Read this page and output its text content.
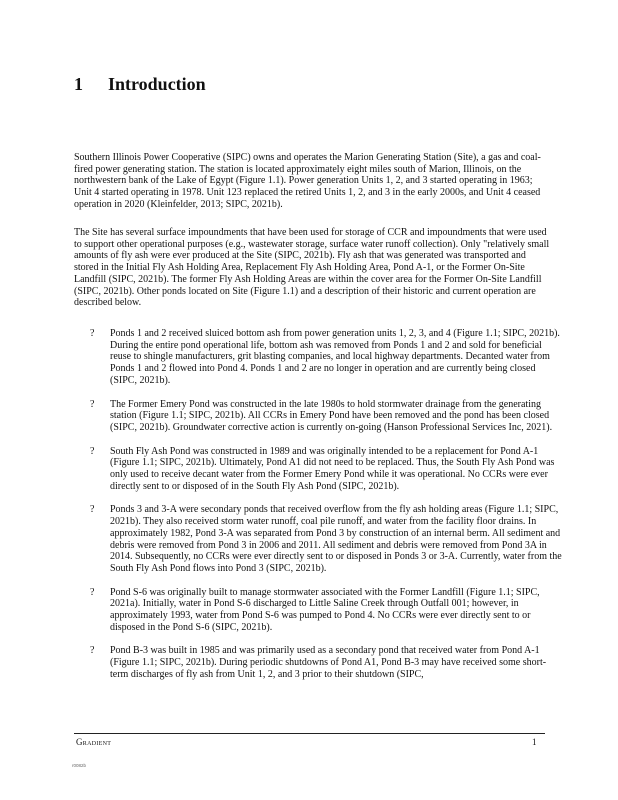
1 Introduction

Southern Illinois Power Cooperative (SIPC) owns and operates the Marion Generating Station (Site), a gas and coal-fired power generating station. The station is located approximately eight miles south of Marion, Illinois, on the northwestern bank of the Lake of Egypt (Figure 1.1). Power generation Units 1, 2, and 3 started operating in 1963; Unit 4 started operating in 1978. Unit 123 replaced the retired Units 1, 2, and 3 in the early 2000s, and Unit 4 ceased operation in 2020 (Kleinfelder, 2013; SIPC, 2021b).

The Site has several surface impoundments that have been used for storage of CCR and impoundments that were used to support other operational purposes (e.g., wastewater storage, surface water runoff collection). Only "relatively small amounts of fly ash were ever produced at the Site (SIPC, 2021b). Fly ash that was generated was transported and stored in the Initial Fly Ash Holding Area, Replacement Fly Ash Holding Area, Pond A-1, or the Former On-Site Landfill (SIPC, 2021b). The former Fly Ash Holding Areas are within the cover area for the Former On-Site Landfill (SIPC, 2021b). Other ponds located on Site (Figure 1.1) and a description of their historic and current operation are described below.

? Ponds 1 and 2 received sluiced bottom ash from power generation units 1, 2, 3, and 4 (Figure 1.1; SIPC, 2021b). During the entire pond operational life, bottom ash was removed from Ponds 1 and 2 and sold for beneficial reuse to shingle manufacturers, grit blasting companies, and local highway departments. Decanted water from Ponds 1 and 2 flowed into Pond 4. Ponds 1 and 2 are no longer in operation and are currently being closed (SIPC, 2021b).
? The Former Emery Pond was constructed in the late 1980s to hold stormwater drainage from the generating station (Figure 1.1; SIPC, 2021b). All CCRs in Emery Pond have been removed and the pond has been closed (SIPC, 2021b). Groundwater corrective action is currently on-going (Hanson Professional Services Inc, 2021).
? South Fly Ash Pond was constructed in 1989 and was originally intended to be a replacement for Pond A-1 (Figure 1.1; SIPC, 2021b). Ultimately, Pond A1 did not need to be replaced. Thus, the South Fly Ash Pond was only used to receive decant water from the Former Emery Pond while it was operational. No CCRs were ever directly sent to or disposed of in the South Fly Ash Pond (SIPC, 2021b).
? Ponds 3 and 3-A were secondary ponds that received overflow from the fly ash holding areas (Figure 1.1; SIPC, 2021b). They also received storm water runoff, coal pile runoff, and water from the facility floor drains. In approximately 1982, Pond 3-A was separated from Pond 3 by construction of an internal berm. All sediment and debris were removed from Pond 3 in 2006 and 2011. All sediment and debris were removed from Pond 3A in 2014. Subsequently, no CCRs were ever directly sent to or disposed in Ponds 3 or 3-A. Currently, water from the South Fly Ash Pond flows into Pond 3 (SIPC, 2021b).
? Pond S-6 was originally built to manage stormwater associated with the Former Landfill (Figure 1.1; SIPC, 2021a). Initially, water in Pond S-6 discharged to Little Saline Creek through Outfall 001; however, in approximately 1993, water from Pond S-6 was pumped to Pond 4. No CCRs were ever directly sent to or disposed in the Pond S-6 (SIPC, 2021b).
? Pond B-3 was built in 1985 and was primarily used as a secondary pond that received water from Pond A-1 (Figure 1.1; SIPC, 2021b). During periodic shutdowns of Pond A1, Pond B-3 may have received some short-term discharges of fly ash from Unit 1, 2, and 3 prior to their shutdown (SIPC,
Gradient	1
r0082b
